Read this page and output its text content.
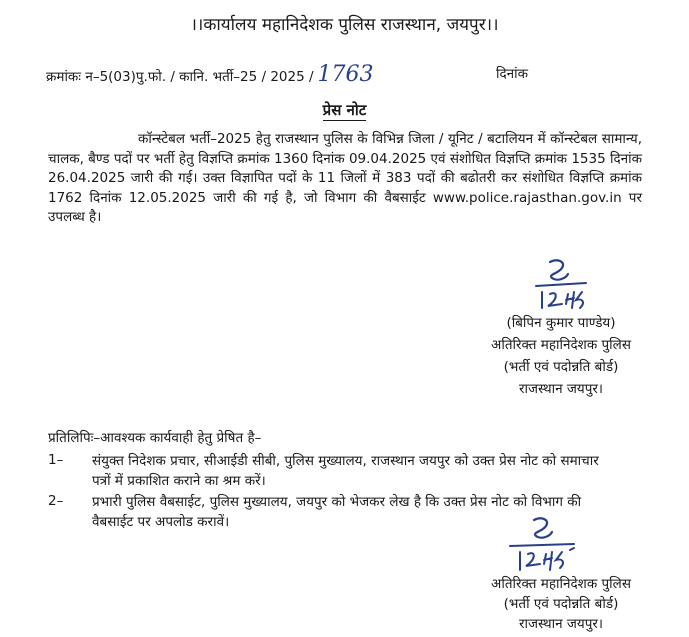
।।कार्यालय महानिदेशक पुलिस राजस्थान, जयपुर।।
क्रमांकः न–5(03)पु.फो. / कानि. भर्ती–25 / 2025 / 1763	दिनांक
प्रेस नोट
कॉन्स्टेबल भर्ती–2025 हेतु राजस्थान पुलिस के विभिन्न जिला / यूनिट / बटालियन में कॉन्स्टेबल सामान्य, चालक, बैण्ड पदों पर भर्ती हेतु विज्ञप्ति क्रमांक 1360 दिनांक 09.04.2025 एवं संशोधित विज्ञप्ति क्रमांक 1535 दिनांक 26.04.2025 जारी की गई। उक्त विज्ञापित पदों के 11 जिलों में 383 पदों की बढोतरी कर संशोधित विज्ञप्ति क्रमांक 1762 दिनांक 12.05.2025 जारी की गई है, जो विभाग की वैबसाईट www.police.rajasthan.gov.in पर उपलब्ध है।
(बिपिन कुमार पाण्डेय)
अतिरिक्त महानिदेशक पुलिस
(भर्ती एवं पदोन्नति बोर्ड)
राजस्थान जयपुर।
प्रतिलिपिः–आवश्यक कार्यवाही हेतु प्रेषित है–
1– संयुक्त निदेशक प्रचार, सीआईडी सीबी, पुलिस मुख्यालय, राजस्थान जयपुर को उक्त प्रेस नोट को समाचार पत्रों में प्रकाशित कराने का श्रम करें।
2– प्रभारी पुलिस वैबसाईट, पुलिस मुख्यालय, जयपुर को भेजकर लेख है कि उक्त प्रेस नोट को विभाग की वैबसाईट पर अपलोड करावें।
अतिरिक्त महानिदेशक पुलिस
(भर्ती एवं पदोन्नति बोर्ड)
राजस्थान जयपुर।
